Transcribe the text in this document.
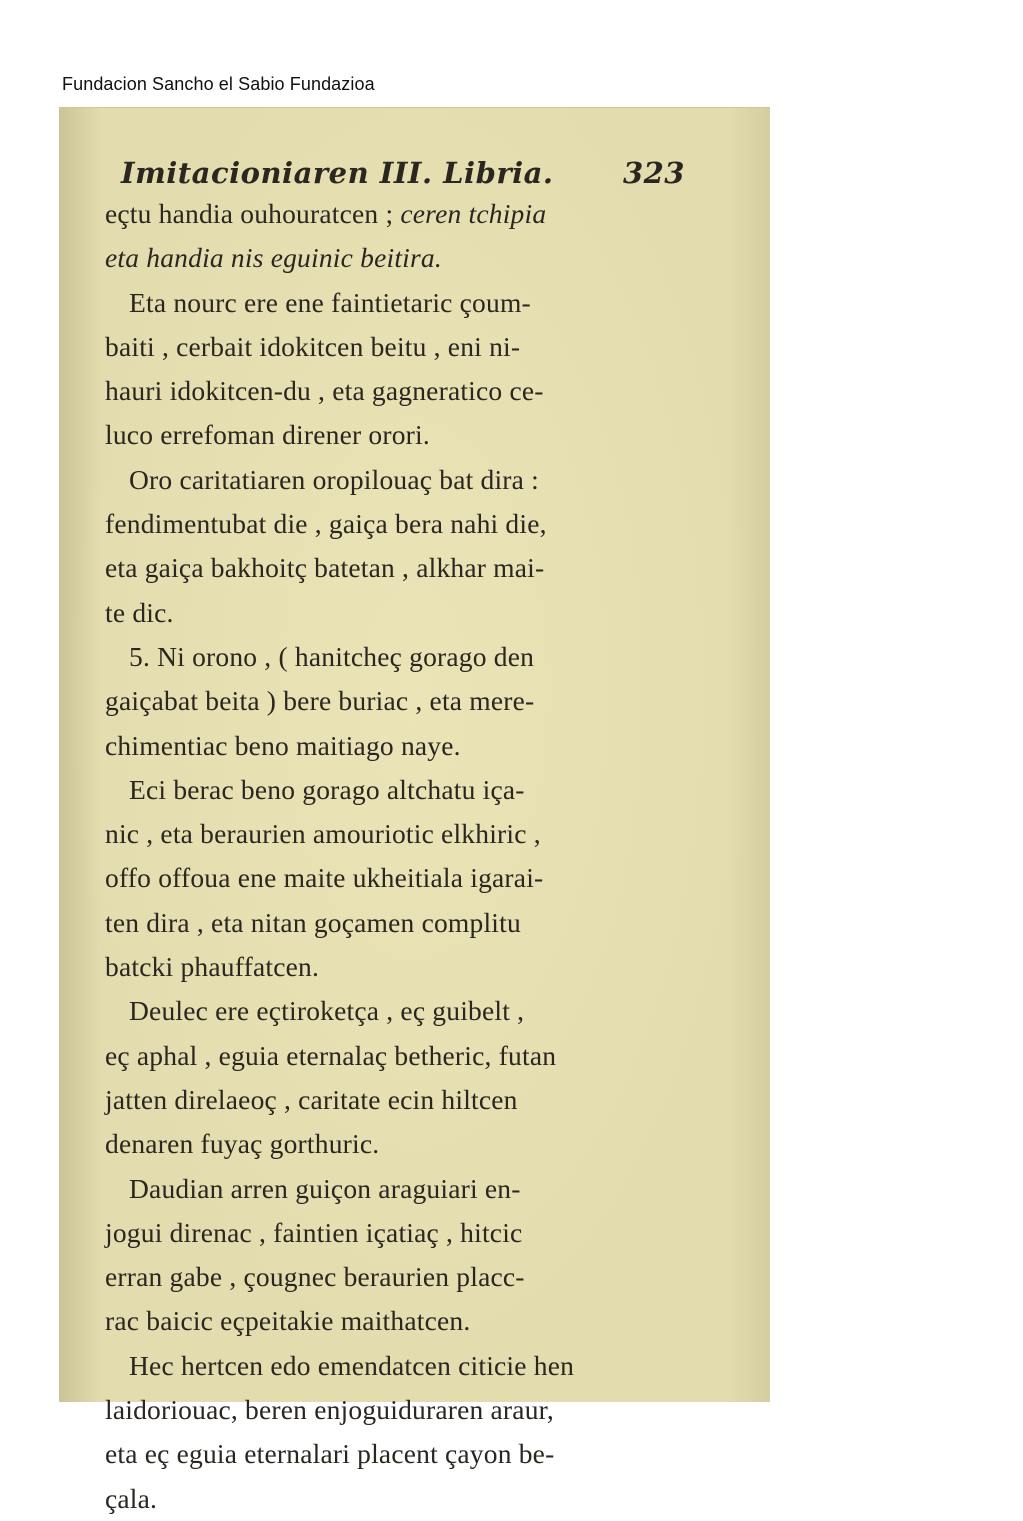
Fundacion Sancho el Sabio Fundazioa
Imitacioniaren III. Libria. 323
eçtu handia ouhouratcen ; ceren tchipia
eta handia nis eguinic beitira.
Eta nourc ere ene faintietaric çoum-
baiti , cerbait idokitcen beitu , eni ni-
hauri idokitcen-du , eta gagneratico ce-
luco errefoman direner orori.
Oro caritatiaren oropilouaç bat dira :
fendimentubat die , gaiça bera nahi die,
eta gaiça bakhoitç batetan , alkhar mai-
te dic.
5. Ni orono , ( hanitcheç gorago den
gaiçabat beita ) bere buriac , eta mere-
chimentiac beno maitiago naye.
Eci berac beno gorago altchatu iça-
nic , eta beraurien amouriotic elkhiric ,
offo offoua ene maite ukheitiala igarai-
ten dira , eta nitan goçamen complitu
batcki phauffatcen.
Deulec ere eçtiroketça , eç guibelt ,
eç aphal , eguia eternalaç betheric, futan
jatten direlaeoç , caritate ecin hiltcen
denaren fuyaç gorthuric.
Daudian arren guiçon araguiari en-
jogui direnac , faintien içatiaç , hitcic
erran gabe , çougnec beraurien placc-
rac baicic eçpeitakie maithatcen.
Hec hertcen edo emendatcen citicie hen
laidoriouac, beren enjoguiduraren araur,
eta eç eguia eternalari placent çayon be-
çala.
